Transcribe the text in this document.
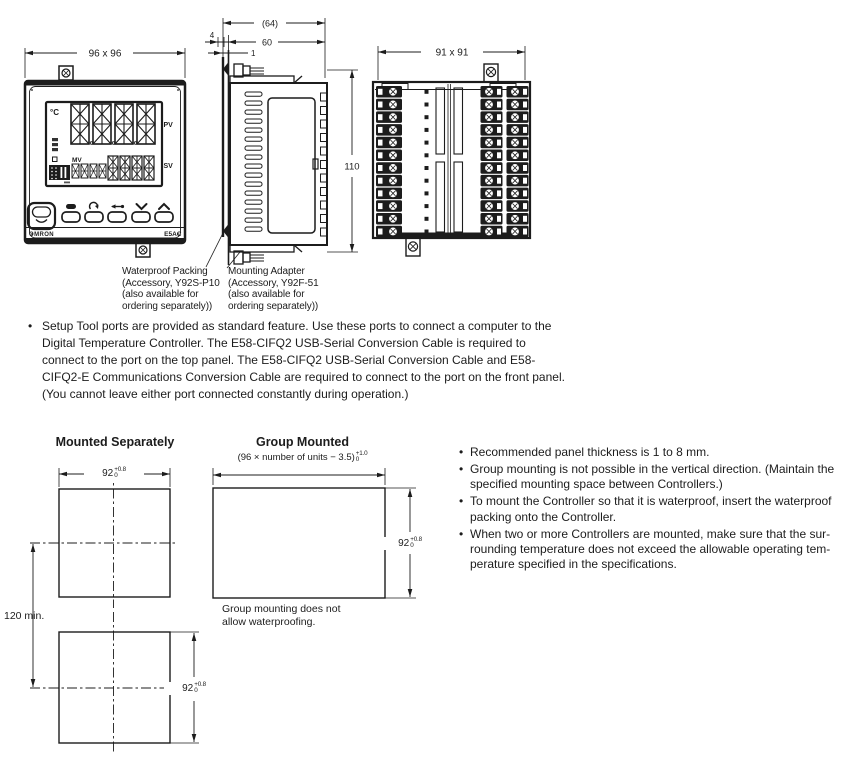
96 x 96
°C
PV
MV
SV
OMRON	E5AC
(64)
60
4
1
110
91 x 91
Waterproof Packing
(Accessory, Y92S-P10
(also available for
ordering separately))
Mounting Adapter
(Accessory, Y92F-51
(also available for
ordering separately))
• Setup Tool ports are provided as standard feature. Use these ports to connect a computer to the
Digital Temperature Controller. The E58-CIFQ2 USB-Serial Conversion Cable is required to
connect to the port on the top panel. The E58-CIFQ2 USB-Serial Conversion Cable and E58-
CIFQ2-E Communications Conversion Cable are required to connect to the port on the front panel.
(You cannot leave either port connected constantly during operation.)
Mounted Separately	Group Mounted
(96 × number of units − 3.5) +1.0
0
92 +0.8
0
92 +0.8
0
92 +0.8
0
120 min.
Group mounting does not
allow waterproofing.
• Recommended panel thickness is 1 to 8 mm.
• Group mounting is not possible in the vertical direction. (Maintain the
specified mounting space between Controllers.)
• To mount the Controller so that it is waterproof, insert the waterproof
packing onto the Controller.
• When two or more Controllers are mounted, make sure that the sur-
rounding temperature does not exceed the allowable operating tem-
perature specified in the specifications.
